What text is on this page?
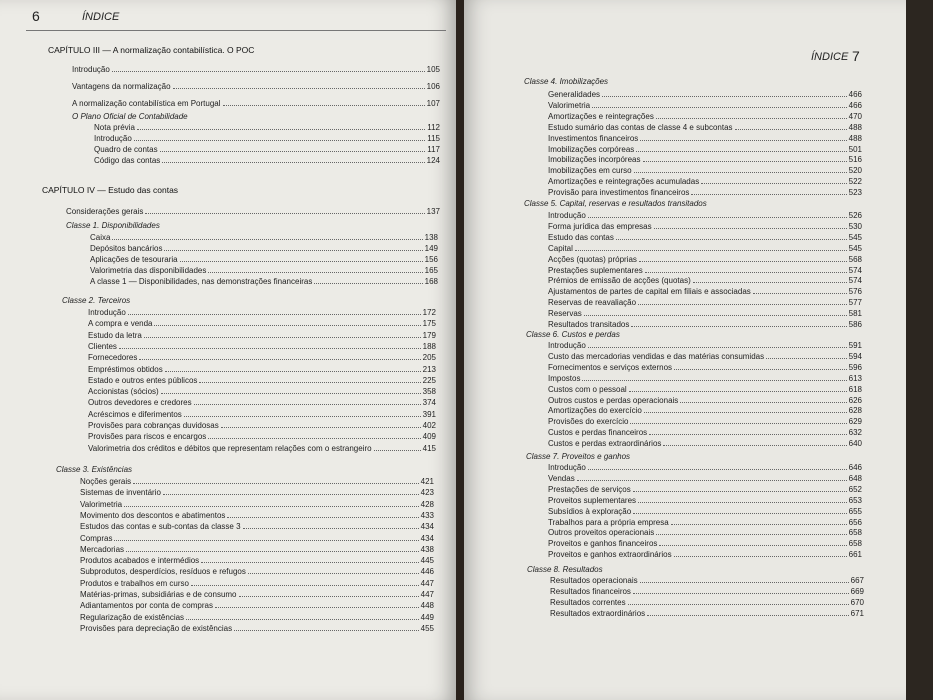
6	ÍNDICE
CAPÍTULO III — A normalização contabilística. O POC
Introdução	105
Vantagens da normalização	106
A normalização contabilística em Portugal	107
O Plano Oficial de Contabilidade
Nota prévia	112
Introdução	115
Quadro de contas	117
Código das contas	124
CAPÍTULO IV — Estudo das contas
Considerações gerais	137
Classe 1. Disponibilidades
Caixa	138
Depósitos bancários	149
Aplicações de tesouraria	156
Valorimetria das disponibilidades	165
A classe 1 — Disponibilidades, nas demonstrações financeiras	168
Classe 2. Terceiros
Introdução	172
A compra e venda	175
Estudo da letra	179
Clientes	188
Fornecedores	205
Empréstimos obtidos	213
Estado e outros entes públicos	225
Accionistas (sócios)	358
Outros devedores e credores	374
Acréscimos e diferimentos	391
Provisões para cobranças duvidosas	402
Provisões para riscos e encargos	409
Valorimetria dos créditos e débitos que representam relações com o estrangeiro	415
Classe 3. Existências
Noções gerais	421
Sistemas de inventário	423
Valorimetria	428
Movimento dos descontos e abatimentos	433
Estudos das contas e sub-contas da classe 3	434
Compras	434
Mercadorias	438
Produtos acabados e intermédios	445
Subprodutos, desperdícios, resíduos e refugos	446
Produtos e trabalhos em curso	447
Matérias-primas, subsidiárias e de consumo	447
Adiantamentos por conta de compras	448
Regularização de existências	449
Provisões para depreciação de existências	455
ÍNDICE 7
Classe 4. Imobilizações
Generalidades	466
Valorimetria	466
Amortizações e reintegrações	470
Estudo sumário das contas de classe 4 e subcontas	488
Investimentos financeiros	488
Imobilizações corpóreas	501
Imobilizações incorpóreas	516
Imobilizações em curso	520
Amortizações e reintegrações acumuladas	522
Provisão para investimentos financeiros	523
Classe 5. Capital, reservas e resultados transitados
Introdução	526
Forma jurídica das empresas	530
Estudo das contas	545
Capital	545
Acções (quotas) próprias	568
Prestações suplementares	574
Prémios de emissão de acções (quotas)	574
Ajustamentos de partes de capital em filiais e associadas	576
Reservas de reavaliação	577
Reservas	581
Resultados transitados	586
Classe 6. Custos e perdas
Introdução	591
Custo das mercadorias vendidas e das matérias consumidas	594
Fornecimentos e serviços externos	596
Impostos	613
Custos com o pessoal	618
Outros custos e perdas operacionais	626
Amortizações do exercício	628
Provisões do exercício	629
Custos e perdas financeiros	632
Custos e perdas extraordinários	640
Classe 7. Proveitos e ganhos
Introdução	646
Vendas	648
Prestações de serviços	652
Proveitos suplementares	653
Subsídios à exploração	655
Trabalhos para a própria empresa	656
Outros proveitos operacionais	658
Proveitos e ganhos financeiros	658
Proveitos e ganhos extraordinários	661
Classe 8. Resultados
Resultados operacionais	667
Resultados financeiros	669
Resultados correntes	670
Resultados extraordinários	671
